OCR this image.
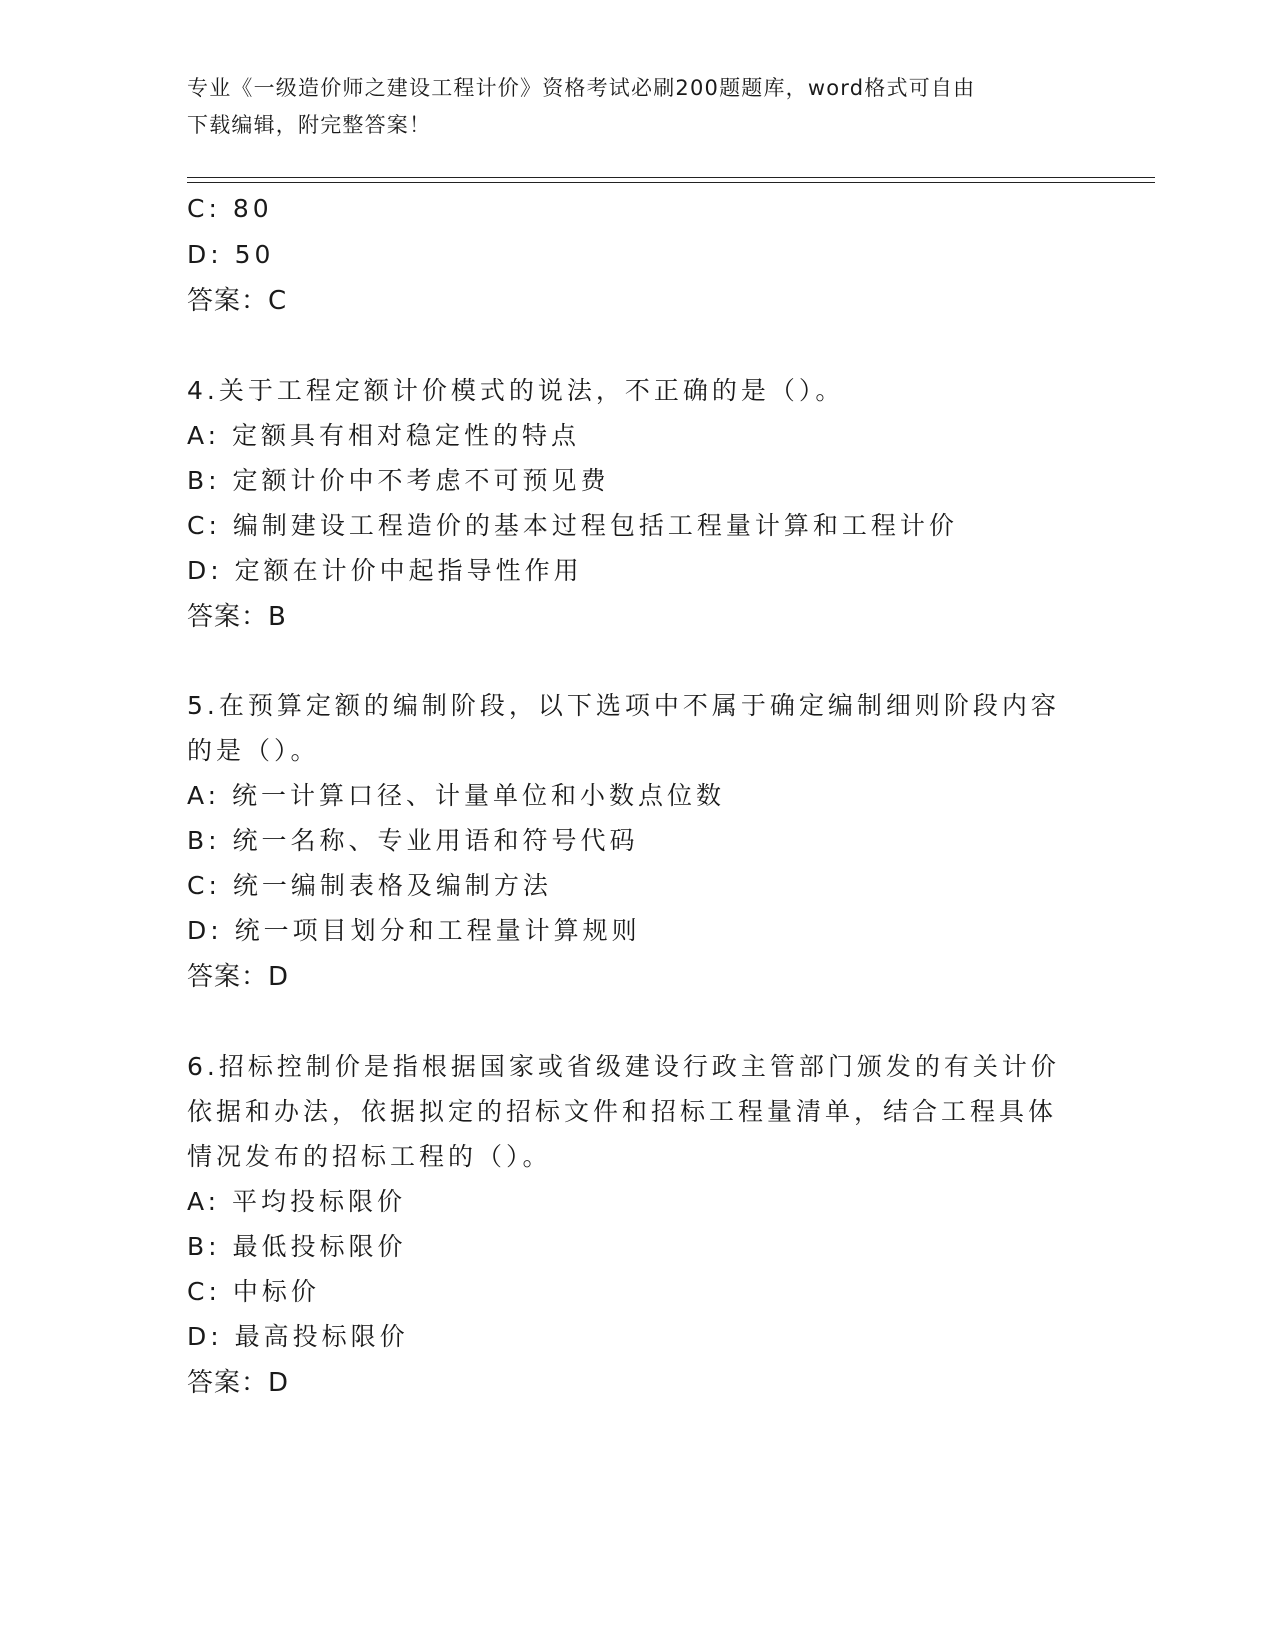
专业《一级造价师之建设工程计价》资格考试必刷200题题库，word格式可自由
下载编辑，附完整答案！
C: 80
D: 50
答案：C
4.关于工程定额计价模式的说法，不正确的是（）。
A: 定额具有相对稳定性的特点
B: 定额计价中不考虑不可预见费
C: 编制建设工程造价的基本过程包括工程量计算和工程计价
D: 定额在计价中起指导性作用
答案：B
5.在预算定额的编制阶段，以下选项中不属于确定编制细则阶段内容
的是（）。
A: 统一计算口径、计量单位和小数点位数
B: 统一名称、专业用语和符号代码
C: 统一编制表格及编制方法
D: 统一项目划分和工程量计算规则
答案：D
6.招标控制价是指根据国家或省级建设行政主管部门颁发的有关计价
依据和办法，依据拟定的招标文件和招标工程量清单，结合工程具体
情况发布的招标工程的（）。
A: 平均投标限价
B: 最低投标限价
C: 中标价
D: 最高投标限价
答案：D
